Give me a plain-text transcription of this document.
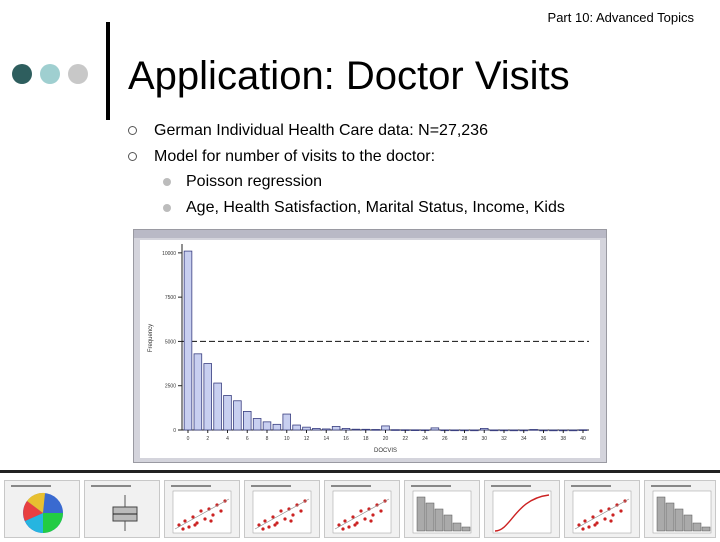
Part 10: Advanced Topics
Application: Doctor Visits
German Individual Health Care data: N=27,236
Model for number of visits to the doctor:
Poisson regression
Age, Health Satisfaction, Marital Status, Income, Kids
0
2500
5000
7500
10000
0	2	4	6	8	10	12	14	16	18	20	22	24	26	28	30	32	34	36	38	40
Frequency
DOCVIS
